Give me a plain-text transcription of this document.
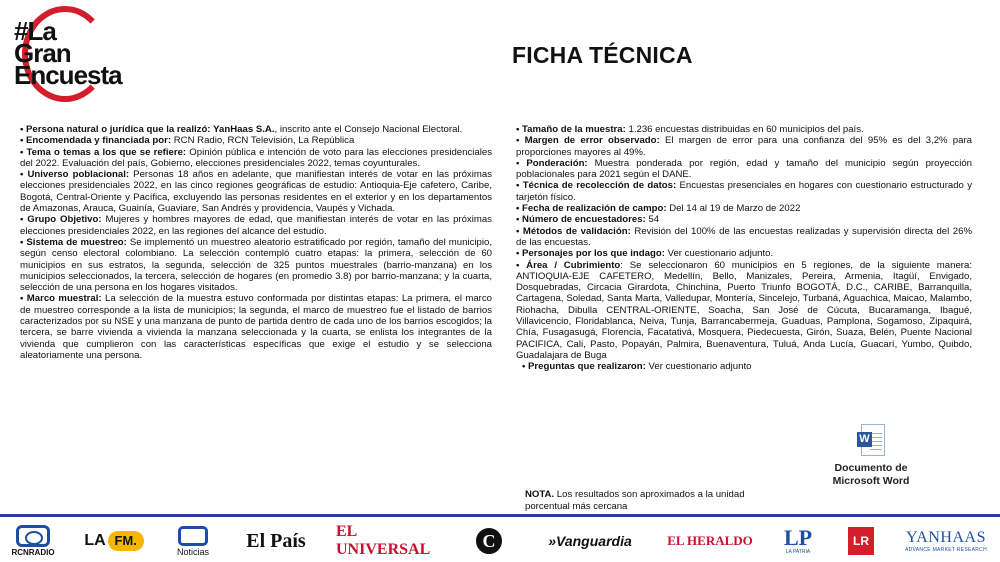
#La
Gran
Encuesta
FICHA TÉCNICA

• Persona natural o jurídica que la realizó: YanHaas S.A., inscrito ante el Consejo Nacional Electoral.

• Encomendada y financiada por: RCN Radio, RCN Televisión, La República

• Tema o temas a los que se refiere: Opinión pública e intención de voto para las elecciones presidenciales del 2022. Evaluación del país, Gobierno, elecciones presidenciales 2022, temas coyunturales.

• Universo poblacional: Personas 18 años en adelante, que manifiestan interés de votar en las próximas elecciones presidenciales 2022, en las cinco regiones geográficas de estudio: Antioquia-Eje cafetero, Caribe, Bogotá, Central-Oriente y Pacífica, excluyendo las personas residentes en el exterior y en los departamentos de Amazonas, Arauca, Guainía, Guaviare, San Andrés y providencia, Vaupés y Vichada.

• Grupo Objetivo: Mujeres y hombres mayores de edad, que manifiestan interés de votar en las próximas elecciones presidenciales 2022, en las regiones del alcance del estudio.

• Sistema de muestreo: Se implementó un muestreo aleatorio estratificado por región, tamaño del municipio, según censo electoral colombiano. La selección contempló cuatro etapas: la primera, selección de 60 municipios en sus estratos, la segunda, selección de 325 puntos muestrales (barrio-manzana) en los municipios seleccionados, la tercera, selección de hogares (en promedio 3.8) por barrio-manzana; y la cuarta, selección de una persona en los hogares visitados.

• Marco muestral: La selección de la muestra estuvo conformada por distintas etapas: La primera, el marco de muestreo corresponde a la lista de municipios; la segunda, el marco de muestreo fue el listado de barrios caracterizados por su NSE y una manzana de punto de partida dentro de cada uno de los barrios escogidos; la tercera, se barre vivienda a vivienda la manzana seleccionada y la cuarta, se enlista los integrantes de la vivienda que cumplieron con las características específicas que exige el estudio y se selecciona aleatoriamente una persona.

• Tamaño de la muestra: 1.236 encuestas distribuidas en 60 municipios del país.

• Margen de error observado: El margen de error para una confianza del 95% es del 3,2% para proporciones mayores al 49%.

• Ponderación: Muestra ponderada por región, edad y tamaño del municipio según proyección poblacionales para 2021 según el DANE.

• Técnica de recolección de datos: Encuestas presenciales en hogares con cuestionario estructurado y tarjetón físico.

• Fecha de realización de campo: Del 14 al 19 de Marzo de 2022

• Número de encuestadores: 54

• Métodos de validación: Revisión del 100% de las encuestas realizadas y supervisión directa del 26% de las encuestas.

• Personajes por los que indago: Ver cuestionario adjunto.

• Área / Cubrimiento: Se seleccionaron 60 municipios en 5 regiones, de la siguiente manera: ANTIOQUIA-EJE CAFETERO, Medellín, Bello, Manizales, Pereira, Armenia, Itagüí, Envigado, Dosquebradas, Circacia Girardota, Chinchina, Puerto Triunfo BOGOTÁ, D.C., CARIBE, Barranquilla, Cartagena, Soledad, Santa Marta, Valledupar, Montería, Sincelejo, Turbaná, Aguachica, Maicao, Malambo, Riohacha, Dibulla CENTRAL-ORIENTE, Soacha, San José de Cúcuta, Bucaramanga, Ibagué, Villavicencio, Floridablanca, Neiva, Tunja, Barrancabermeja, Guaduas, Pamplona, Sogamoso, Zipaquirá, Chía, Fusagasugá, Florencia, Facatativá, Mosquera, Piedecuesta, Girón, Suaza, Belén, Puente Nacional PACIFICA, Cali, Pasto, Popayán, Palmira, Buenaventura, Tuluá, Anda Lucía, Guacarí, Yumbo, Quibdo, Guadalajara de Buga

• Preguntas que realizaron: Ver cuestionario adjunto

W
Documento de Microsoft Word
NOTA. Los resultados son aproximados a la unidad porcentual más cercana
RCNRADIO
LA FM.
Noticias El País EL UNIVERSAL	C	»Vanguardia	EL HERALDO LP
LA PATRIA
LR	YANHAAS
ADVANCE MARKET RESEARCH
